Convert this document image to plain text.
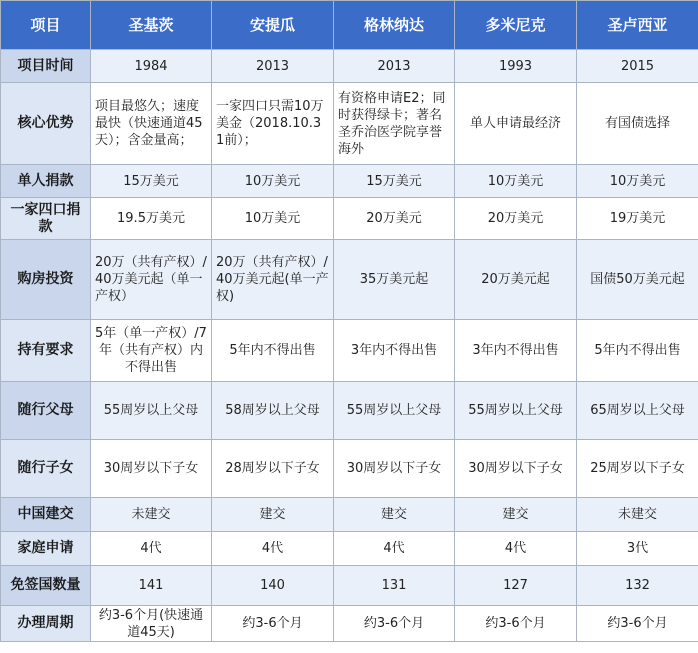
项目	圣基茨	安提瓜	格林纳达	多米尼克	圣卢西亚
项目时间	1984	2013	2013	1993	2015
核心优势	项目最悠久；速度最快（快速通道45天）；含金量高；	一家四口只需10万美金（2018.10.31前）；	有资格申请E2；同时获得绿卡；著名圣乔治医学院享誉海外	单人申请最经济	有国债选择
单人捐款	15万美元	10万美元	15万美元	10万美元	10万美元
一家四口捐款	19.5万美元	10万美元	20万美元	20万美元	19万美元
购房投资	20万（共有产权）/40万美元起（单一产权）	20万（共有产权）/40万美元起(单一产权)	35万美元起	20万美元起	国债50万美元起
持有要求	5年（单一产权）/7年（共有产权）内不得出售	5年内不得出售	3年内不得出售	3年内不得出售	5年内不得出售
随行父母	55周岁以上父母	58周岁以上父母	55周岁以上父母	55周岁以上父母	65周岁以上父母
随行子女	30周岁以下子女	28周岁以下子女	30周岁以下子女	30周岁以下子女	25周岁以下子女
中国建交	未建交	建交	建交	建交	未建交
家庭申请	4代	4代	4代	4代	3代
免签国数量	141	140	131	127	132
办理周期	约3-6个月(快速通道45天)	约3-6个月	约3-6个月	约3-6个月	约3-6个月
